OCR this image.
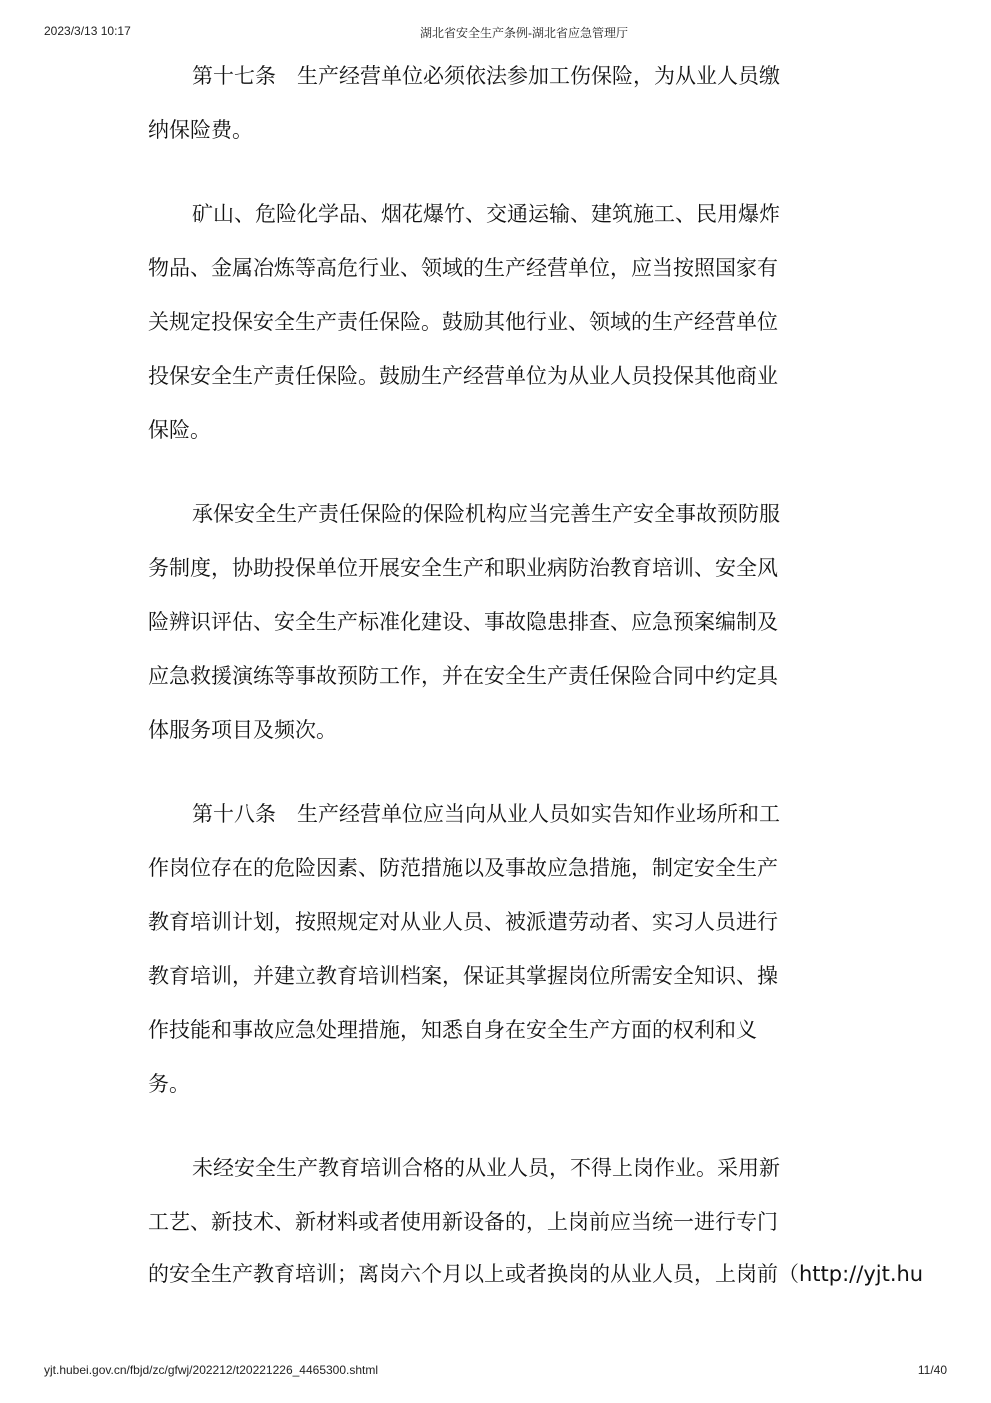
2023/3/13 10:17	湖北省安全生产条例-湖北省应急管理厅
第十七条　生产经营单位必须依法参加工伤保险，为从业人员缴
纳保险费。
矿山、危险化学品、烟花爆竹、交通运输、建筑施工、民用爆炸
物品、金属冶炼等高危行业、领域的生产经营单位，应当按照国家有
关规定投保安全生产责任保险。鼓励其他行业、领域的生产经营单位
投保安全生产责任保险。鼓励生产经营单位为从业人员投保其他商业
保险。
承保安全生产责任保险的保险机构应当完善生产安全事故预防服
务制度，协助投保单位开展安全生产和职业病防治教育培训、安全风
险辨识评估、安全生产标准化建设、事故隐患排查、应急预案编制及
应急救援演练等事故预防工作，并在安全生产责任保险合同中约定具
体服务项目及频次。
第十八条　生产经营单位应当向从业人员如实告知作业场所和工
作岗位存在的危险因素、防范措施以及事故应急措施，制定安全生产
教育培训计划，按照规定对从业人员、被派遣劳动者、实习人员进行
教育培训，并建立教育培训档案，保证其掌握岗位所需安全知识、操
作技能和事故应急处理措施，知悉自身在安全生产方面的权利和义
务。
未经安全生产教育培训合格的从业人员，不得上岗作业。采用新
工艺、新技术、新材料或者使用新设备的，上岗前应当统一进行专门
的安全生产教育培训；离岗六个月以上或者换岗的从业人员，上岗前（http://yjt.hu
yjt.hubei.gov.cn/fbjd/zc/gfwj/202212/t20221226_4465300.shtml	11/40
